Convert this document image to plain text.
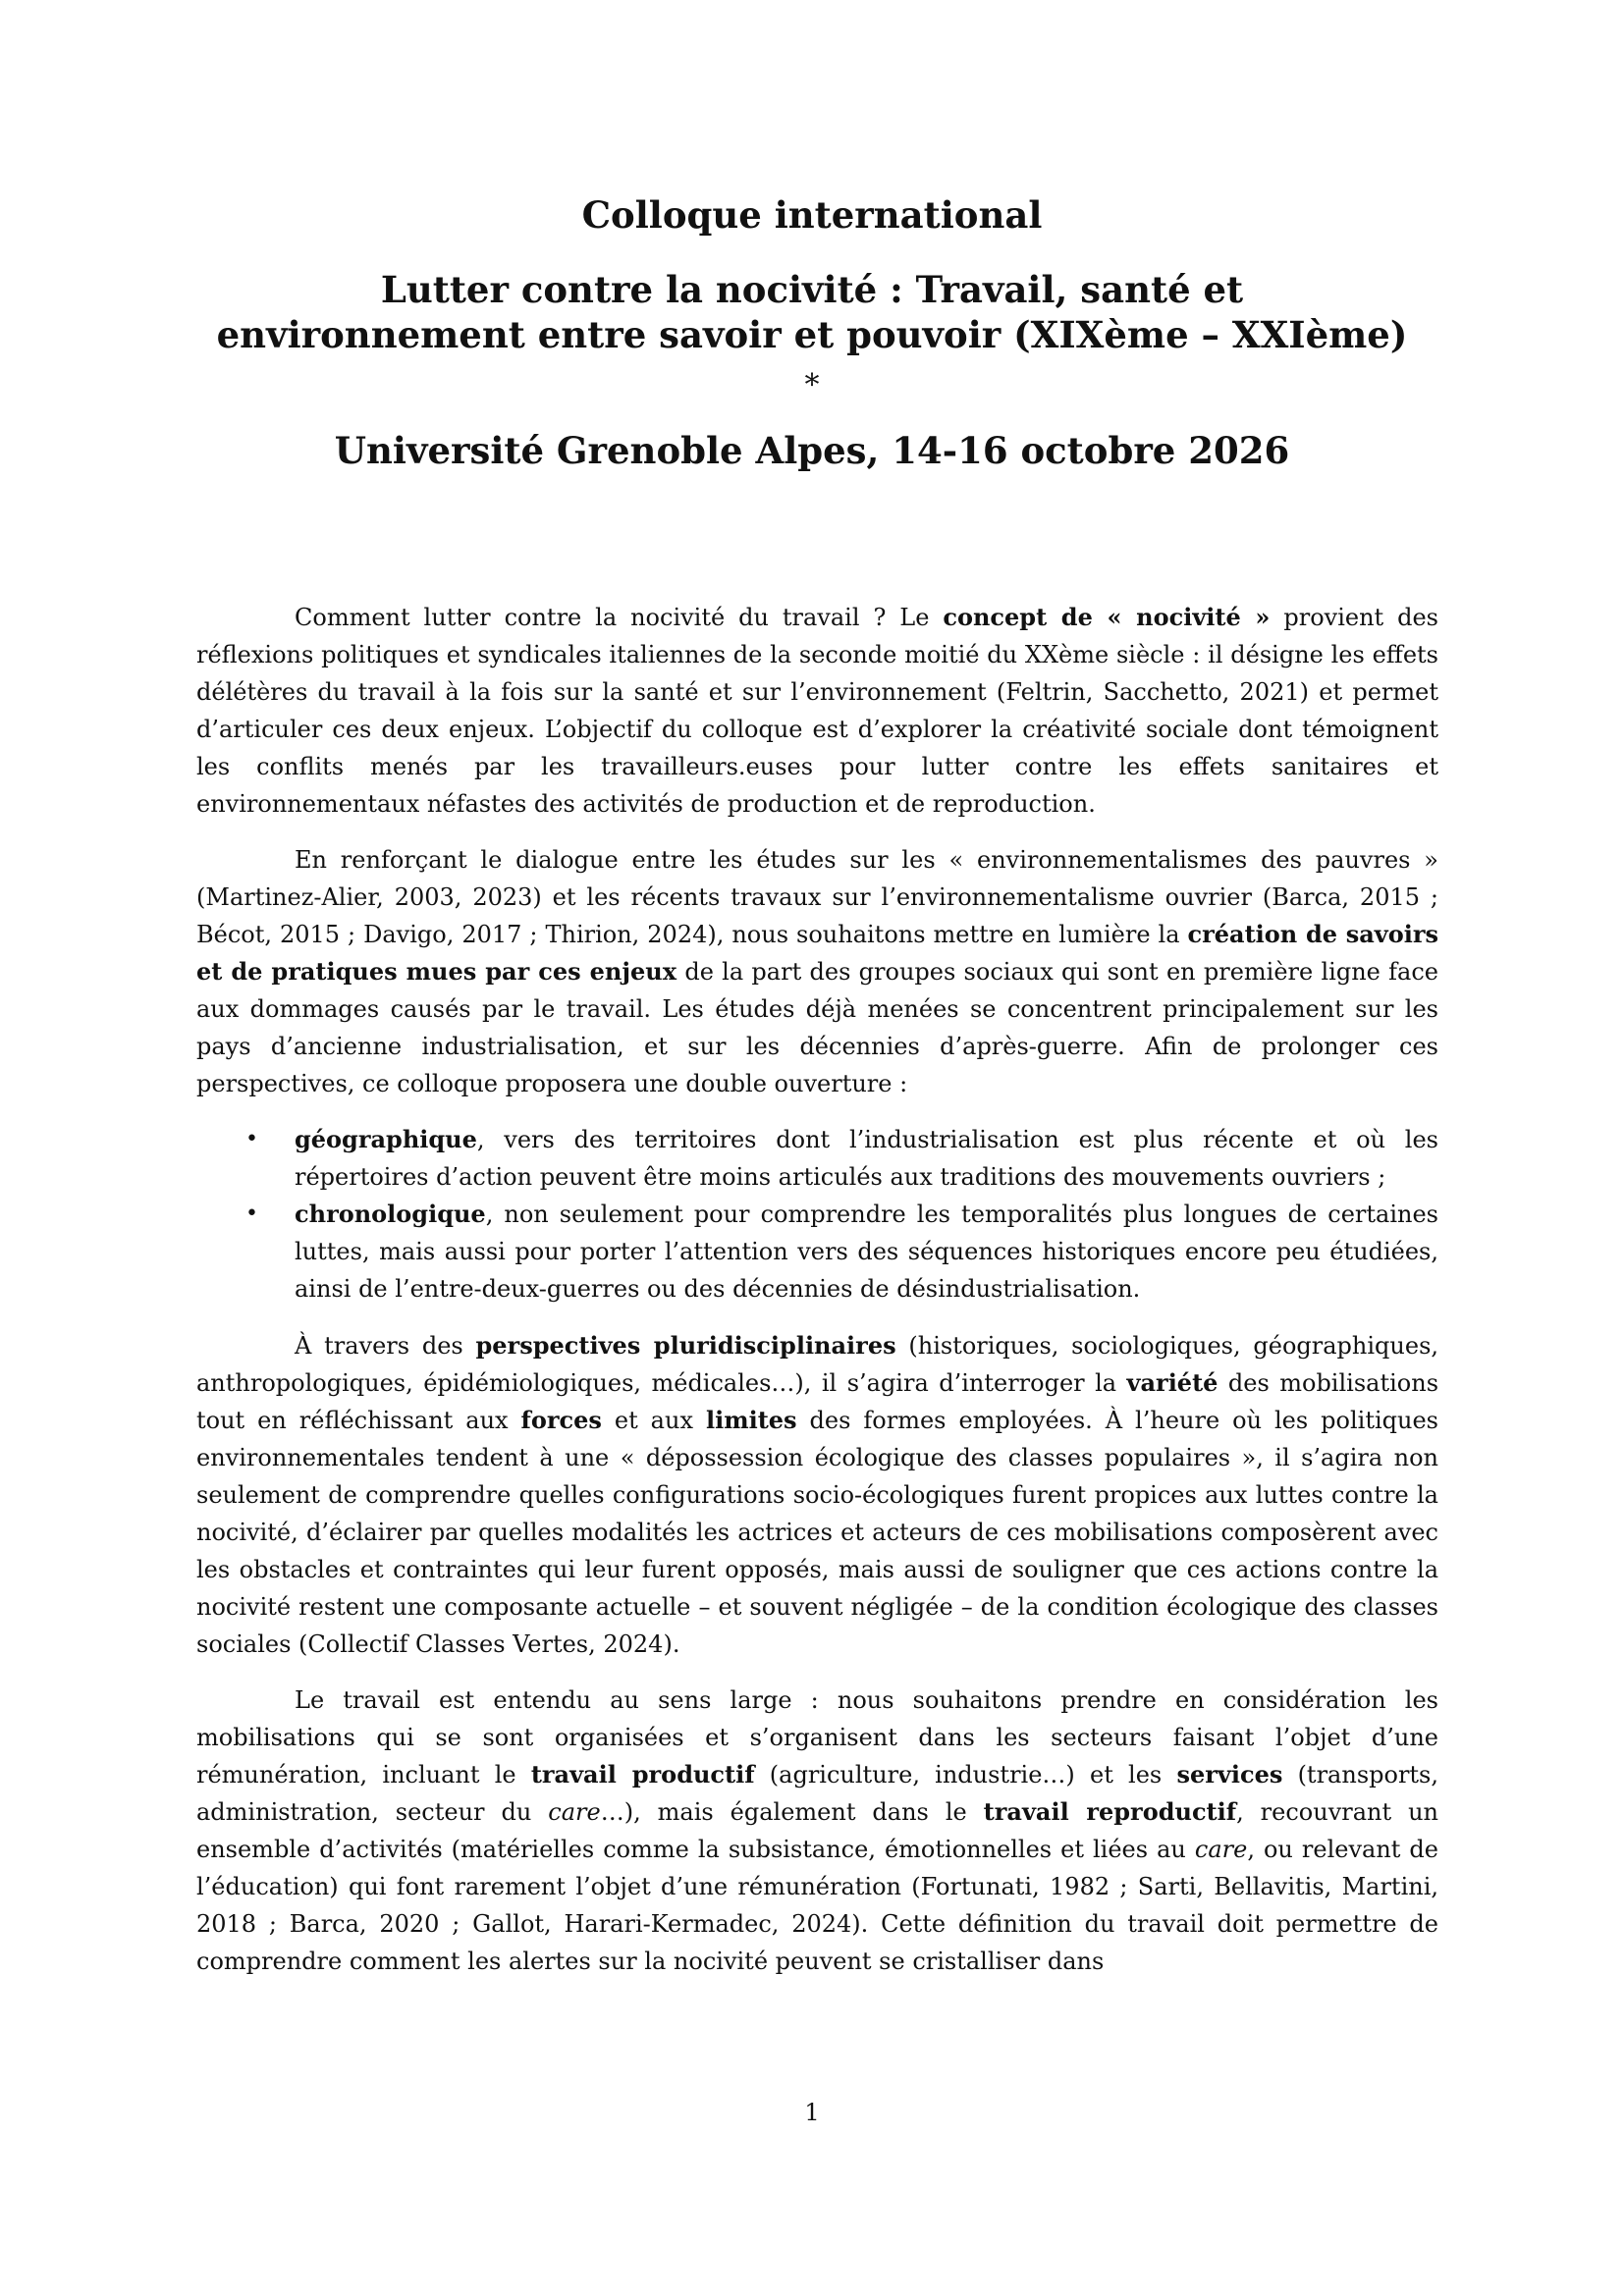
Colloque international

Lutter contre la nocivité : Travail, santé et

environnement entre savoir et pouvoir (XIXème – XXIème)

*

Université Grenoble Alpes, 14-16 octobre 2026

Comment lutter contre la nocivité du travail ? Le concept de « nocivité » provient des réflexions politiques et syndicales italiennes de la seconde moitié du XXème siècle : il désigne les effets délétères du travail à la fois sur la santé et sur l’environnement (Feltrin, Sacchetto, 2021) et permet d’articuler ces deux enjeux. L’objectif du colloque est d’explorer la créativité sociale dont témoignent les conflits menés par les travailleurs.euses pour lutter contre les effets sanitaires et environnementaux néfastes des activités de production et de reproduction.

En renforçant le dialogue entre les études sur les « environnementalismes des pauvres » (Martinez-Alier, 2003, 2023) et les récents travaux sur l’environnementalisme ouvrier (Barca, 2015 ; Bécot, 2015 ; Davigo, 2017 ; Thirion, 2024), nous souhaitons mettre en lumière la création de savoirs et de pratiques mues par ces enjeux de la part des groupes sociaux qui sont en première ligne face aux dommages causés par le travail. Les études déjà menées se concentrent principalement sur les pays d’ancienne industrialisation, et sur les décennies d’après-guerre. Afin de prolonger ces perspectives, ce colloque proposera une double ouverture :

• géographique, vers des territoires dont l’industrialisation est plus récente et où les répertoires d’action peuvent être moins articulés aux traditions des mouvements ouvriers ;
• chronologique, non seulement pour comprendre les temporalités plus longues de certaines luttes, mais aussi pour porter l’attention vers des séquences historiques encore peu étudiées, ainsi de l’entre-deux-guerres ou des décennies de désindustrialisation.

À travers des perspectives pluridisciplinaires (historiques, sociologiques, géographiques, anthropologiques, épidémiologiques, médicales…), il s’agira d’interroger la variété des mobilisations tout en réfléchissant aux forces et aux limites des formes employées. À l’heure où les politiques environnementales tendent à une « dépossession écologique des classes populaires », il s’agira non seulement de comprendre quelles configurations socio-écologiques furent propices aux luttes contre la nocivité, d’éclairer par quelles modalités les actrices et acteurs de ces mobilisations composèrent avec les obstacles et contraintes qui leur furent opposés, mais aussi de souligner que ces actions contre la nocivité restent une composante actuelle – et souvent négligée – de la condition écologique des classes sociales (Collectif Classes Vertes, 2024).

Le travail est entendu au sens large : nous souhaitons prendre en considération les mobilisations qui se sont organisées et s’organisent dans les secteurs faisant l’objet d’une rémunération, incluant le travail productif (agriculture, industrie…) et les services (transports, administration, secteur du care…), mais également dans le travail reproductif, recouvrant un ensemble d’activités (matérielles comme la subsistance, émotionnelles et liées au care, ou relevant de l’éducation) qui font rarement l’objet d’une rémunération (Fortunati, 1982 ; Sarti, Bellavitis, Martini, 2018 ; Barca, 2020 ; Gallot, Harari-Kermadec, 2024). Cette définition du travail doit permettre de comprendre comment les alertes sur la nocivité peuvent se cristalliser dans

1
